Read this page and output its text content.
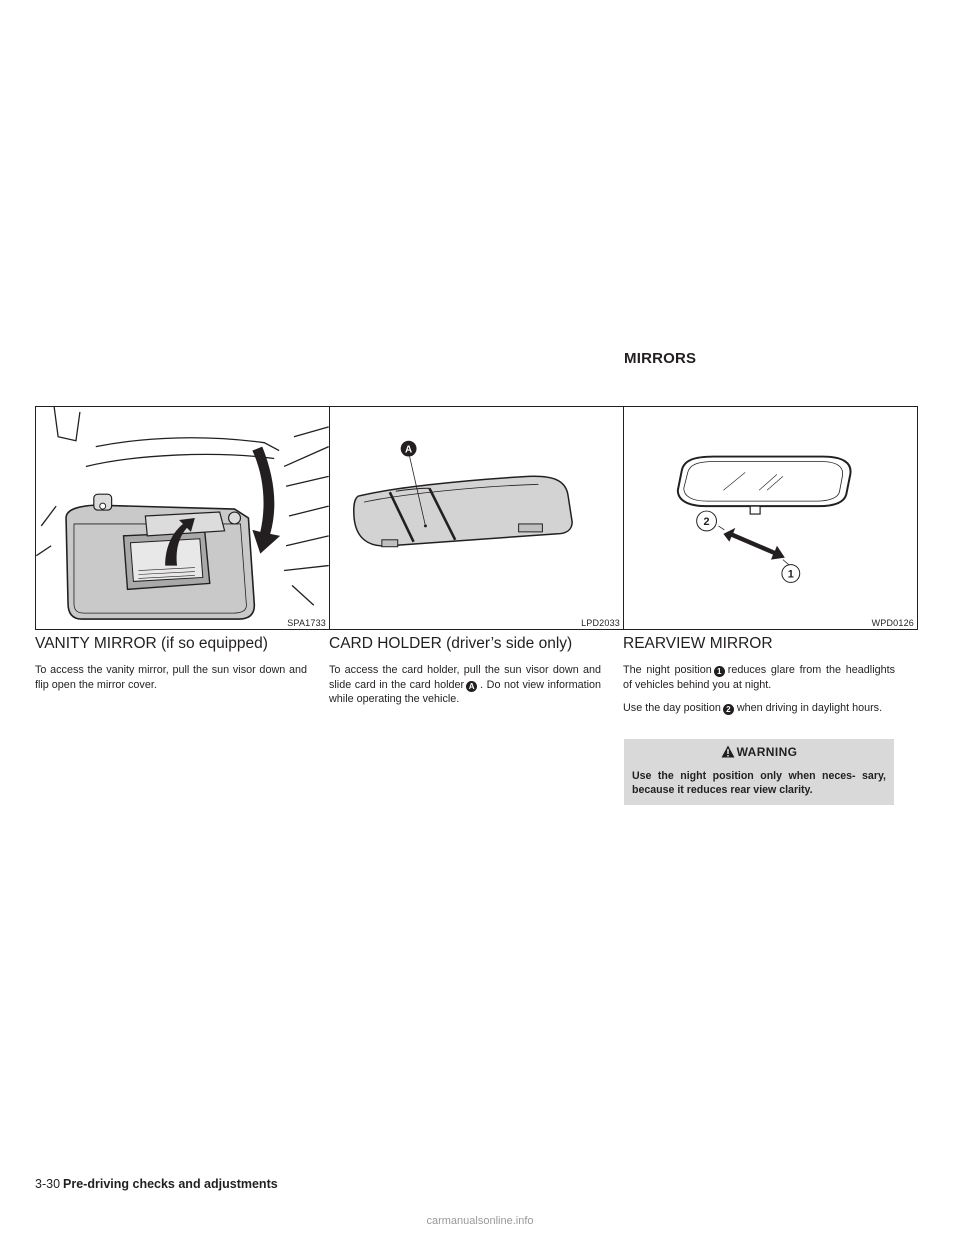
MIRRORS
SPA1733
A
LPD2033
2
1
WPD0126
VANITY MIRROR (if so equipped)

To access the vanity mirror, pull the sun visor down and flip open the mirror cover.

CARD HOLDER (driver’s side only)

To access the card holder, pull the sun visor down and slide card in the card holder A . Do not view information while operating the vehicle.

REARVIEW MIRROR

The night position 1 reduces glare from the headlights of vehicles behind you at night.

Use the day position 2 when driving in daylight hours.

WARNING
Use the night position only when neces- sary, because it reduces rear view clarity.
3-30 Pre-driving checks and adjustments
carmanualsonline.info
